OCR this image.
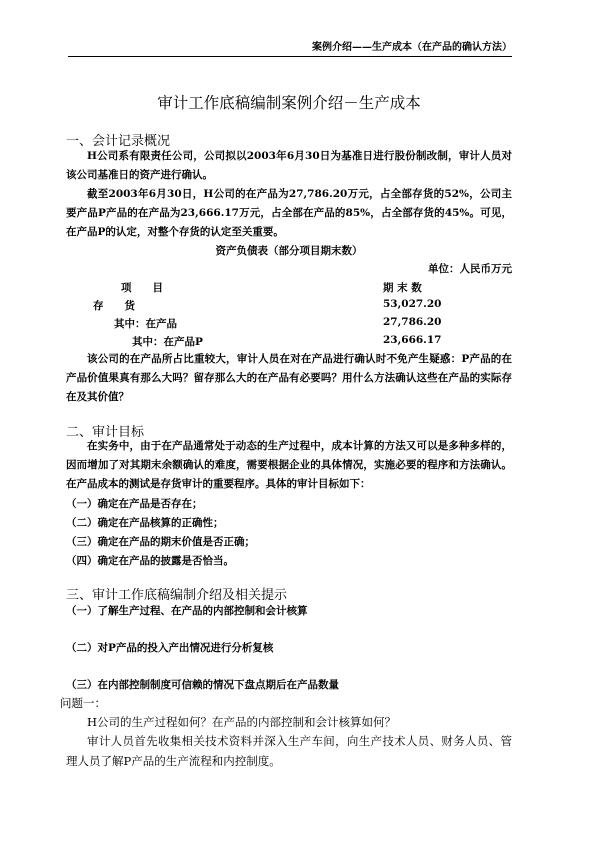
案例介绍——生产成本（在产品的确认方法）
审计工作底稿编制案例介绍－生产成本
一、会计记录概况
H公司系有限责任公司，公司拟以2003年6月30日为基准日进行股份制改制，审计人员对该公司基准日的资产进行确认。
截至2003年6月30日，H公司的在产品为27,786.20万元，占全部存货的52%，公司主要产品P产品的在产品为23,666.17万元，占全部在产品的85%，占全部存货的45%。可见，在产品P的认定，对整个存货的认定至关重要。
资产负债表（部分项目期末数）
单位：人民币万元
项　　目	期 末 数
存　　货	53,027.20
其中：在产品	27,786.20
其中：在产品P	23,666.17
该公司的在产品所占比重较大，审计人员在对在产品进行确认时不免产生疑惑：P产品的在产品价值果真有那么大吗？留存那么大的在产品有必要吗？用什么方法确认这些在产品的实际存在及其价值？
二、审计目标
在实务中，由于在产品通常处于动态的生产过程中，成本计算的方法又可以是多种多样的，因而增加了对其期末余额确认的难度，需要根据企业的具体情况，实施必要的程序和方法确认。在产品成本的测试是存货审计的重要程序。具体的审计目标如下：
（一）确定在产品是否存在；
（二）确定在产品核算的正确性；
（三）确定在产品的期末价值是否正确；
（四）确定在产品的披露是否恰当。
三、审计工作底稿编制介绍及相关提示
（一）了解生产过程、在产品的内部控制和会计核算
（二）对P产品的投入产出情况进行分析复核
（三）在内部控制制度可信赖的情况下盘点期后在产品数量
问题一：
H公司的生产过程如何？在产品的内部控制和会计核算如何？
审计人员首先收集相关技术资料并深入生产车间，向生产技术人员、财务人员、管理人员了解P产品的生产流程和内控制度。
